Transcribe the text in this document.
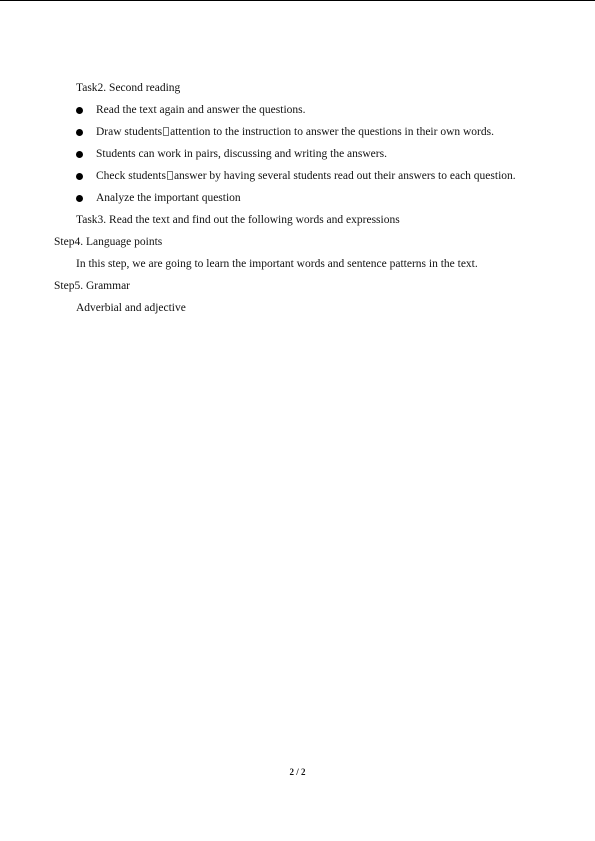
Task2. Second reading
Read the text again and answer the questions.
Draw students attention to the instruction to answer the questions in their own words.
Students can work in pairs, discussing and writing the answers.
Check students answer by having several students read out their answers to each question.
Analyze the important question
Task3. Read the text and find out the following words and expressions
Step4. Language points
In this step, we are going to learn the important words and sentence patterns in the text.
Step5. Grammar
Adverbial and adjective
2 / 2
